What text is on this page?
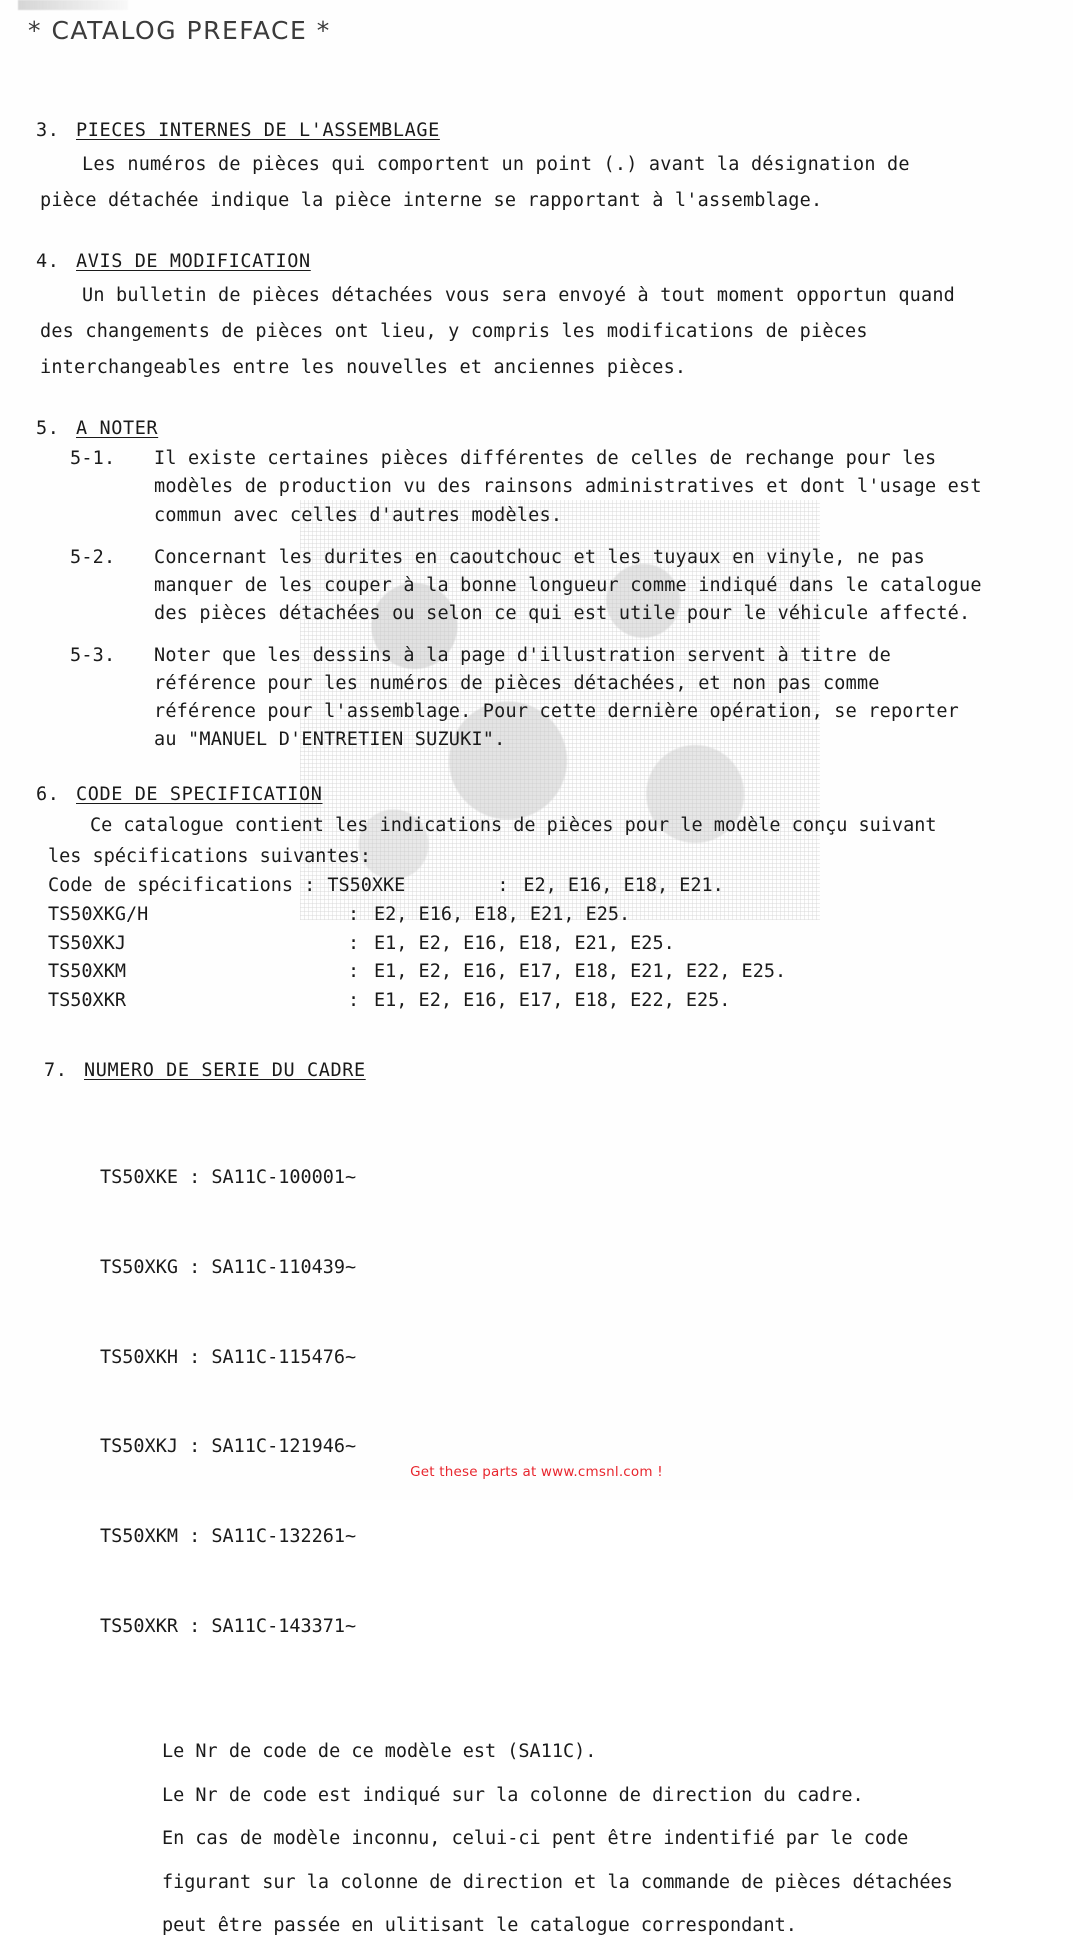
* CATALOG PREFACE *
3. PIECES INTERNES DE L'ASSEMBLAGE
Les numéros de pièces qui comportent un point (.) avant la désignation de
pièce détachée indique la pièce interne se rapportant à l'assemblage.
4. AVIS DE MODIFICATION
Un bulletin de pièces détachées vous sera envoyé à tout moment opportun quand
des changements de pièces ont lieu, y compris les modifications de pièces
interchangeables entre les nouvelles et anciennes pièces.
5. A NOTER
5-1.	Il existe certaines pièces différentes de celles de rechange pour les
modèles de production vu des rainsons administratives et dont l'usage est
commun avec celles d'autres modèles.
5-2.	Concernant les durites en caoutchouc et les tuyaux en vinyle, ne pas
manquer de les couper à la bonne longueur comme indiqué dans le catalogue
des pièces détachées ou selon ce qui est utile pour le véhicule affecté.
5-3.	Noter que les dessins à la page d'illustration servent à titre de
référence pour les numéros de pièces détachées, et non pas comme
référence pour l'assemblage. Pour cette dernière opération, se reporter
au "MANUEL D'ENTRETIEN SUZUKI".
6. CODE DE SPECIFICATION
Ce catalogue contient les indications de pièces pour le modèle conçu suivant
les spécifications suivantes:
Code de spécifications : TS50XKE	: E2, E16, E18, E21.
TS50XKG/H	: E2, E16, E18, E21, E25.
TS50XKJ	: E1, E2, E16, E18, E21, E25.
TS50XKM	: E1, E2, E16, E17, E18, E21, E22, E25.
TS50XKR	: E1, E2, E16, E17, E18, E22, E25.
7. NUMERO DE SERIE DU CADRE

TS50XKE : SA11C-100001~

TS50XKG : SA11C-110439~

TS50XKH : SA11C-115476~

TS50XKJ : SA11C-121946~

TS50XKM : SA11C-132261~

TS50XKR : SA11C-143371~

Le Nr de code de ce modèle est (SA11C).
Le Nr de code est indiqué sur la colonne de direction du cadre.
En cas de modèle inconnu, celui-ci pent être indentifié par le code
figurant sur la colonne de direction et la commande de pièces détachées
peut être passée en ulitisant le catalogue correspondant.
Get these parts at www.cmsnl.com !
